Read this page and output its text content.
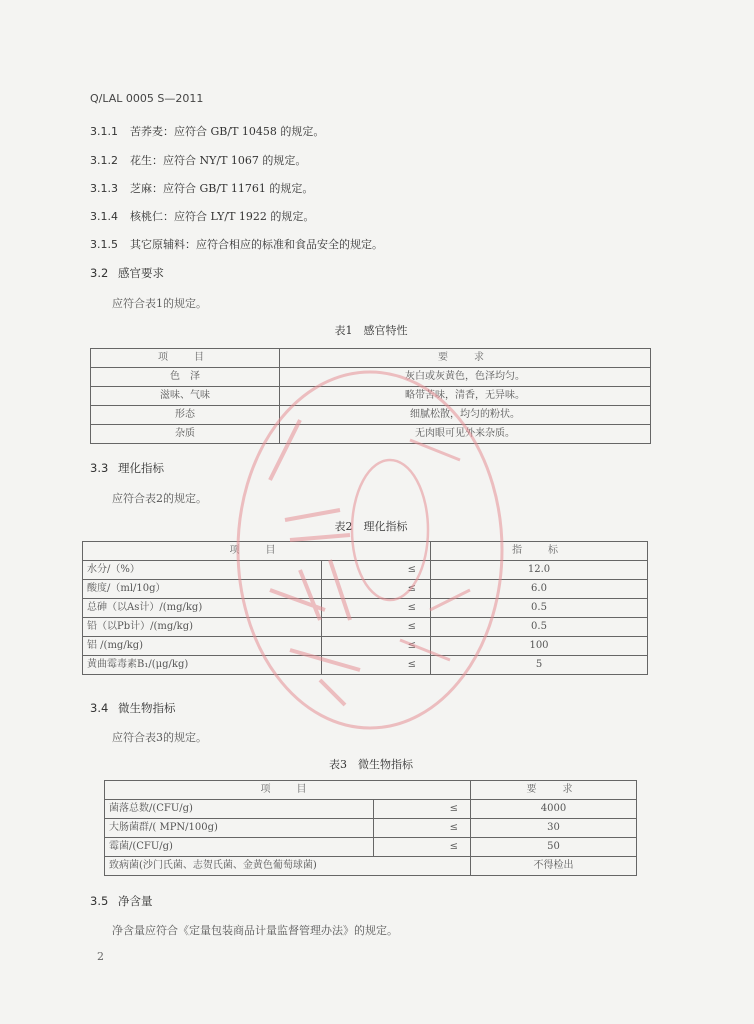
Q/LAL 0005 S—2011
3.1.1 苦荞麦：应符合 GB/T 10458 的规定。
3.1.2 花生：应符合 NY/T 1067 的规定。
3.1.3 芝麻：应符合 GB/T 11761 的规定。
3.1.4 核桃仁：应符合 LY/T 1922 的规定。
3.1.5 其它原辅料：应符合相应的标准和食品安全的规定。
3.2 感官要求
应符合表1的规定。
表1　感官特性
项　目	要　求
色　泽	灰白或灰黄色，色泽均匀。
滋味、气味	略带苦味，清香，无异味。
形态	细腻松散，均匀的粉状。
杂质	无肉眼可见外来杂质。
3.3 理化指标
应符合表2的规定。
表2　理化指标
项　目		指　标
水分/（%）	≤	12.0
酸度/（ml/10g）	≤	6.0
总砷（以As计）/(mg/kg)	≤	0.5
铅（以Pb计）/(mg/kg)	≤	0.5
铝 /(mg/kg)	≤	100
黄曲霉毒素B₁/(μg/kg)	≤	5
3.4 微生物指标
应符合表3的规定。
表3　微生物指标
项　目		要　求
菌落总数/(CFU/g)	≤	4000
大肠菌群/( MPN/100g)	≤	30
霉菌/(CFU/g)	≤	50
致病菌(沙门氏菌、志贺氏菌、金黄色葡萄球菌)		不得检出
3.5 净含量
净含量应符合《定量包装商品计量监督管理办法》的规定。
2
